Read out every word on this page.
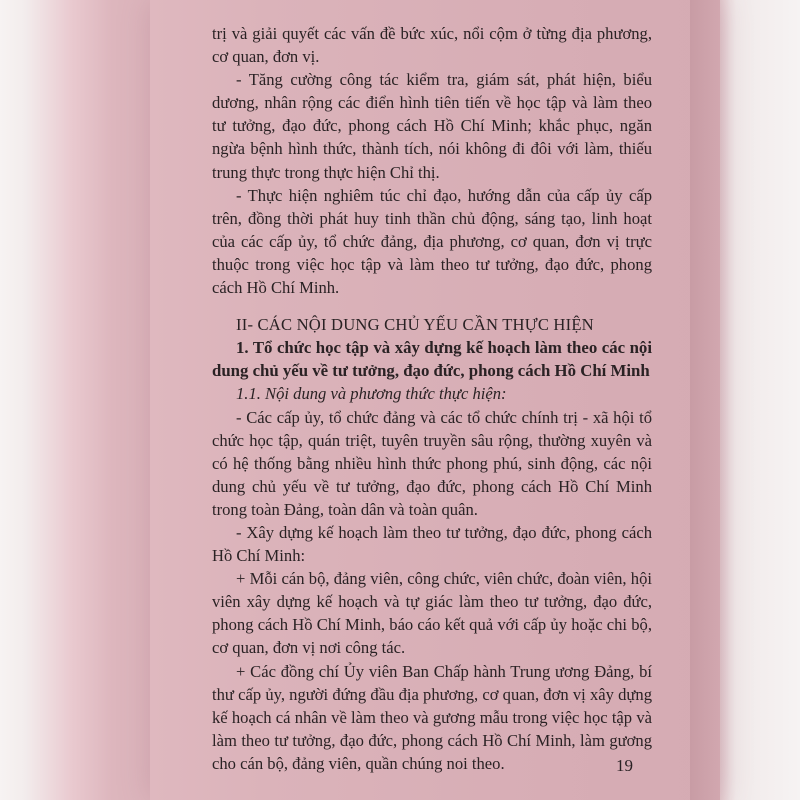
trị và giải quyết các vấn đề bức xúc, nổi cộm ở từng địa phương, cơ quan, đơn vị.

- Tăng cường công tác kiểm tra, giám sát, phát hiện, biểu dương, nhân rộng các điển hình tiên tiến về học tập và làm theo tư tưởng, đạo đức, phong cách Hồ Chí Minh; khắc phục, ngăn ngừa bệnh hình thức, thành tích, nói không đi đôi với làm, thiếu trung thực trong thực hiện Chỉ thị.

- Thực hiện nghiêm túc chỉ đạo, hướng dẫn của cấp ủy cấp trên, đồng thời phát huy tinh thần chủ động, sáng tạo, linh hoạt của các cấp ủy, tổ chức đảng, địa phương, cơ quan, đơn vị trực thuộc trong việc học tập và làm theo tư tưởng, đạo đức, phong cách Hồ Chí Minh.

II- CÁC NỘI DUNG CHỦ YẾU CẦN THỰC HIỆN

1. Tổ chức học tập và xây dựng kế hoạch làm theo các nội dung chủ yếu về tư tưởng, đạo đức, phong cách Hồ Chí Minh

1.1. Nội dung và phương thức thực hiện:

- Các cấp ủy, tổ chức đảng và các tổ chức chính trị - xã hội tổ chức học tập, quán triệt, tuyên truyền sâu rộng, thường xuyên và có hệ thống bằng nhiều hình thức phong phú, sinh động, các nội dung chủ yếu về tư tưởng, đạo đức, phong cách Hồ Chí Minh trong toàn Đảng, toàn dân và toàn quân.

- Xây dựng kế hoạch làm theo tư tưởng, đạo đức, phong cách Hồ Chí Minh:

+ Mỗi cán bộ, đảng viên, công chức, viên chức, đoàn viên, hội viên xây dựng kế hoạch và tự giác làm theo tư tưởng, đạo đức, phong cách Hồ Chí Minh, báo cáo kết quả với cấp ủy hoặc chi bộ, cơ quan, đơn vị nơi công tác.

+ Các đồng chí Ủy viên Ban Chấp hành Trung ương Đảng, bí thư cấp ủy, người đứng đầu địa phương, cơ quan, đơn vị xây dựng kế hoạch cá nhân về làm theo và gương mẫu trong việc học tập và làm theo tư tưởng, đạo đức, phong cách Hồ Chí Minh, làm gương cho cán bộ, đảng viên, quần chúng noi theo.	19
